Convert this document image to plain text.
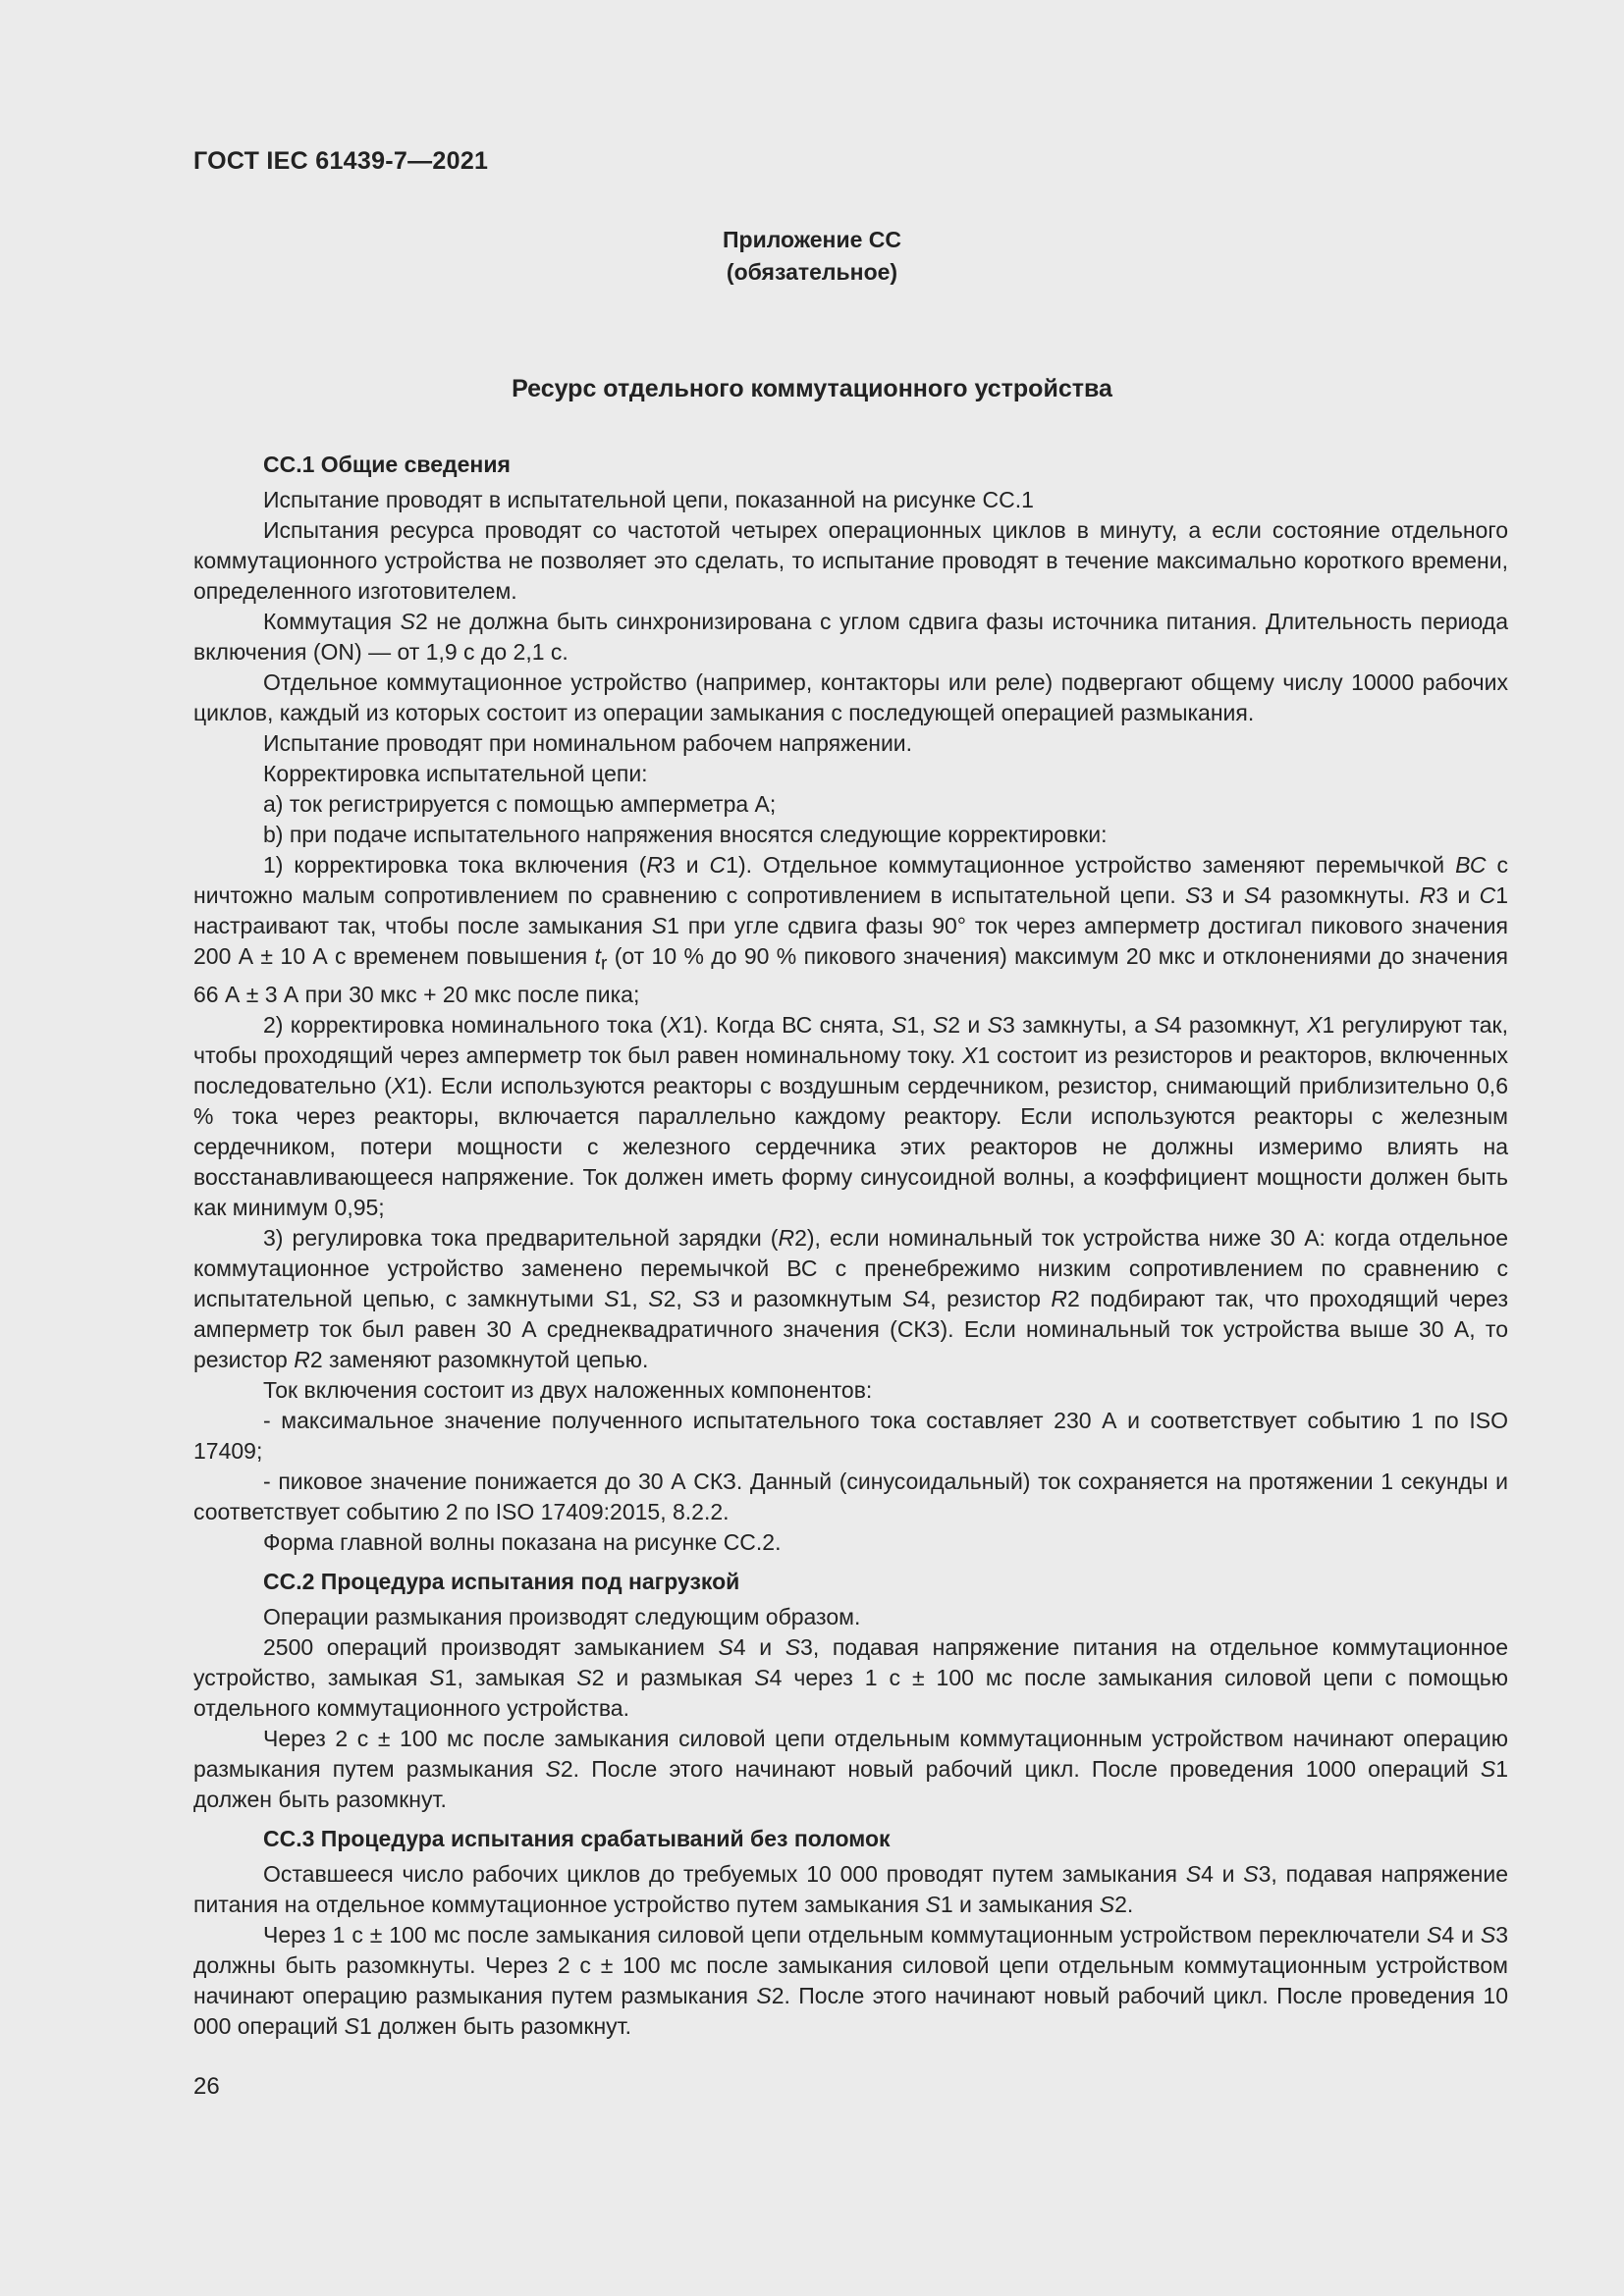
ГОСТ IEC 61439-7—2021
Приложение СС
(обязательное)
Ресурс отдельного коммутационного устройства
СС.1 Общие сведения

Испытание проводят в испытательной цепи, показанной на рисунке СС.1

Испытания ресурса проводят со частотой четырех операционных циклов в минуту, а если состояние отдельного коммутационного устройства не позволяет это сделать, то испытание проводят в течение максимально короткого времени, определенного изготовителем.

Коммутация S2 не должна быть синхронизирована с углом сдвига фазы источника питания. Длительность периода включения (ON) — от 1,9 с до 2,1 с.

Отдельное коммутационное устройство (например, контакторы или реле) подвергают общему числу 10000 рабочих циклов, каждый из которых состоит из операции замыкания с последующей операцией размыкания.

Испытание проводят при номинальном рабочем напряжении.

Корректировка испытательной цепи:

а) ток регистрируется с помощью амперметра А;

b) при подаче испытательного напряжения вносятся следующие корректировки:

1) корректировка тока включения (R3 и C1). Отдельное коммутационное устройство заменяют перемычкой ВС с ничтожно малым сопротивлением по сравнению с сопротивлением в испытательной цепи. S3 и S4 разомкнуты. R3 и C1 настраивают так, чтобы после замыкания S1 при угле сдвига фазы 90° ток через амперметр достигал пикового значения 200 А ± 10 А с временем повышения $t_r$ (от 10 % до 90 % пикового значения) максимум 20 мкс и отклонениями до значения 66 А ± 3 А при 30 мкс + 20 мкс после пика;

2) корректировка номинального тока (X1). Когда ВС снята, S1, S2 и S3 замкнуты, а S4 разомкнут, X1 регулируют так, чтобы проходящий через амперметр ток был равен номинальному току. X1 состоит из резисторов и реакторов, включенных последовательно (X1). Если используются реакторы с воздушным сердечником, резистор, снимающий приблизительно 0,6 % тока через реакторы, включается параллельно каждому реактору. Если используются реакторы с железным сердечником, потери мощности с железного сердечника этих реакторов не должны измеримо влиять на восстанавливающееся напряжение. Ток должен иметь форму синусоидной волны, а коэффициент мощности должен быть как минимум 0,95;

3) регулировка тока предварительной зарядки (R2), если номинальный ток устройства ниже 30 А: когда отдельное коммутационное устройство заменено перемычкой ВС с пренебрежимо низким сопротивлением по сравнению с испытательной цепью, с замкнутыми S1, S2, S3 и разомкнутым S4, резистор R2 подбирают так, что проходящий через амперметр ток был равен 30 А среднеквадратичного значения (СКЗ). Если номинальный ток устройства выше 30 А, то резистор R2 заменяют разомкнутой цепью.

Ток включения состоит из двух наложенных компонентов:

- максимальное значение полученного испытательного тока составляет 230 А и соответствует событию 1 по ISO 17409;

- пиковое значение понижается до 30 А СКЗ. Данный (синусоидальный) ток сохраняется на протяжении 1 секунды и соответствует событию 2 по ISO 17409:2015, 8.2.2.

Форма главной волны показана на рисунке СС.2.

СС.2 Процедура испытания под нагрузкой

Операции размыкания производят следующим образом.

2500 операций производят замыканием S4 и S3, подавая напряжение питания на отдельное коммутационное устройство, замыкая S1, замыкая S2 и размыкая S4 через 1 с ± 100 мс после замыкания силовой цепи с помощью отдельного коммутационного устройства.

Через 2 с ± 100 мс после замыкания силовой цепи отдельным коммутационным устройством начинают операцию размыкания путем размыкания S2. После этого начинают новый рабочий цикл. После проведения 1000 операций S1 должен быть разомкнут.

СС.3 Процедура испытания срабатываний без поломок

Оставшееся число рабочих циклов до требуемых 10 000 проводят путем замыкания S4 и S3, подавая напряжение питания на отдельное коммутационное устройство путем замыкания S1 и замыкания S2.

Через 1 с ± 100 мс после замыкания силовой цепи отдельным коммутационным устройством переключатели S4 и S3 должны быть разомкнуты. Через 2 с ± 100 мс после замыкания силовой цепи отдельным коммутационным устройством начинают операцию размыкания путем размыкания S2. После этого начинают новый рабочий цикл. После проведения 10 000 операций S1 должен быть разомкнут.

26
